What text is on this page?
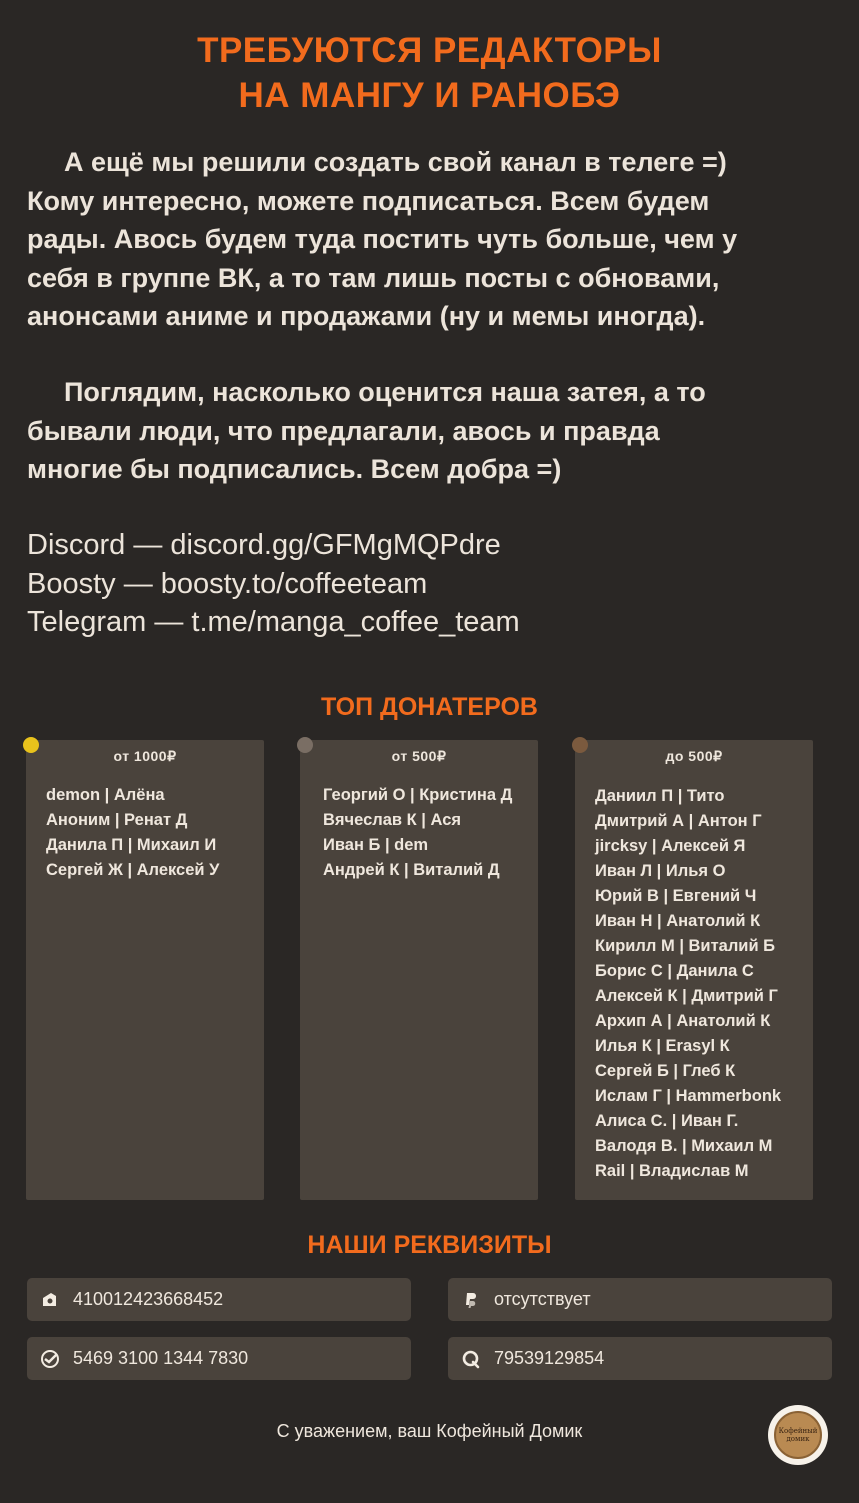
ТРЕБУЮТСЯ РЕДАКТОРЫ
НА МАНГУ И РАНОБЭ
А ещё мы решили создать свой канал в телеге =)
Кому интересно, можете подписаться. Всем будем
рады. Авось будем туда постить чуть больше, чем у
себя в группе ВК, а то там лишь посты с обновами,
анонсами аниме и продажами (ну и мемы иногда).
Поглядим, насколько оценится наша затея, а то
бывали люди, что предлагали, авось и правда
многие бы подписались. Всем добра =)
Discord — discord.gg/GFMgMQPdre
Boosty — boosty.to/coffeeteam
Telegram — t.me/manga_coffee_team
ТОП ДОНАТЕРОВ
от 1000₽
demon | Алёна
Аноним | Ренат Д
Данила П | Михаил И
Сергей Ж | Алексей У
от 500₽
Георгий О | Кристина Д
Вячеслав К | Ася
Иван Б | dem
Андрей К | Виталий Д
до 500₽
Даниил П | Тито
Дмитрий А | Антон Г
jircksy | Алексей Я
Иван Л | Илья О
Юрий В | Евгений Ч
Иван Н | Анатолий К
Кирилл М | Виталий Б
Борис С | Данила С
Алексей К | Дмитрий Г
Архип А | Анатолий К
Илья К | Erasyl К
Сергей Б | Глеб К
Ислам Г | Hammerbonk
Алиса С. | Иван Г.
Валодя В. | Михаил М
Rail | Владислав М
НАШИ РЕКВИЗИТЫ
410012423668452	отсутствует
5469 3100 1344 7830	79539129854
С уважением, ваш Кофейный Домик	Кофейный домик
